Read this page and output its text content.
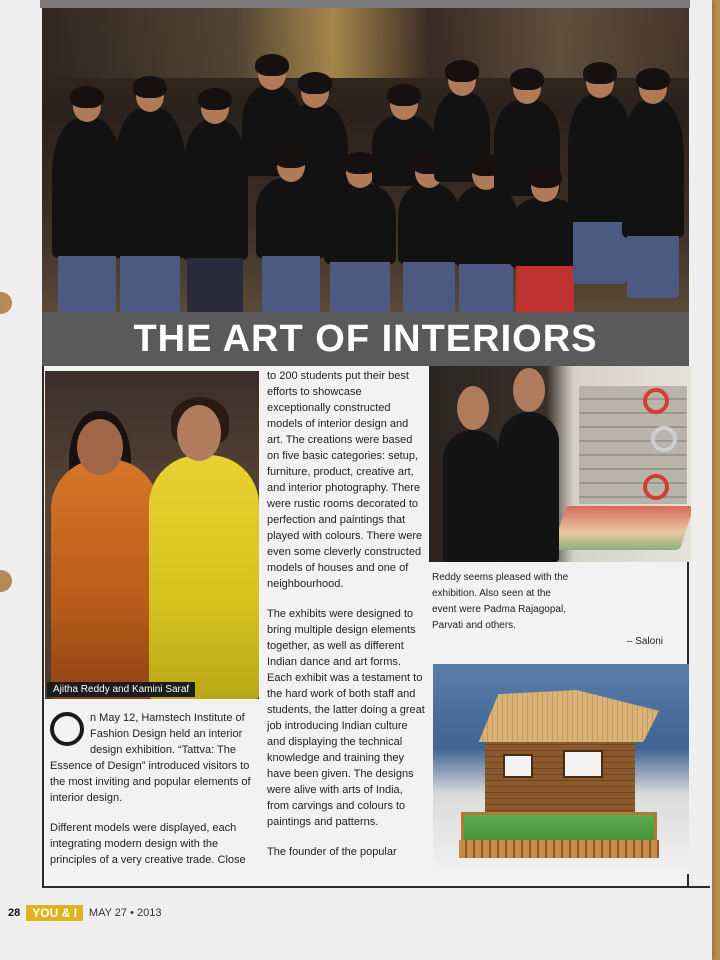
THE ART OF INTERIORS
Ajitha Reddy and Kamini Saraf

n May 12, Hamstech Institute of Fashion Design held an interior design exhibition. “Tattva: The Essence of Design” introduced visitors to the most inviting and popular elements of interior design.

Different models were displayed, each integrating modern design with the principles of a very creative trade. Close

to 200 students put their best efforts to showcase exceptionally constructed models of interior design and art. The creations were based on five basic categories: setup, furniture, product, creative art, and interior photography. There were rustic rooms decorated to perfection and paintings that played with colours. There were even some cleverly constructed models of houses and one of neighbourhood.

The exhibits were designed to bring multiple design elements together, as well as different Indian dance and art forms. Each exhibit was a testament to the hard work of both staff and students, the latter doing a great job introducing Indian culture and displaying the technical knowledge and training they have been given. The designs were alive with arts of India, from carvings and colours to paintings and patterns.

The founder of the popular

Reddy seems pleased with the
exhibition. Also seen at the
event were Padma Rajagopal,
Parvati and others.
– Saloni
28	YOU & I	MAY 27 • 2013
